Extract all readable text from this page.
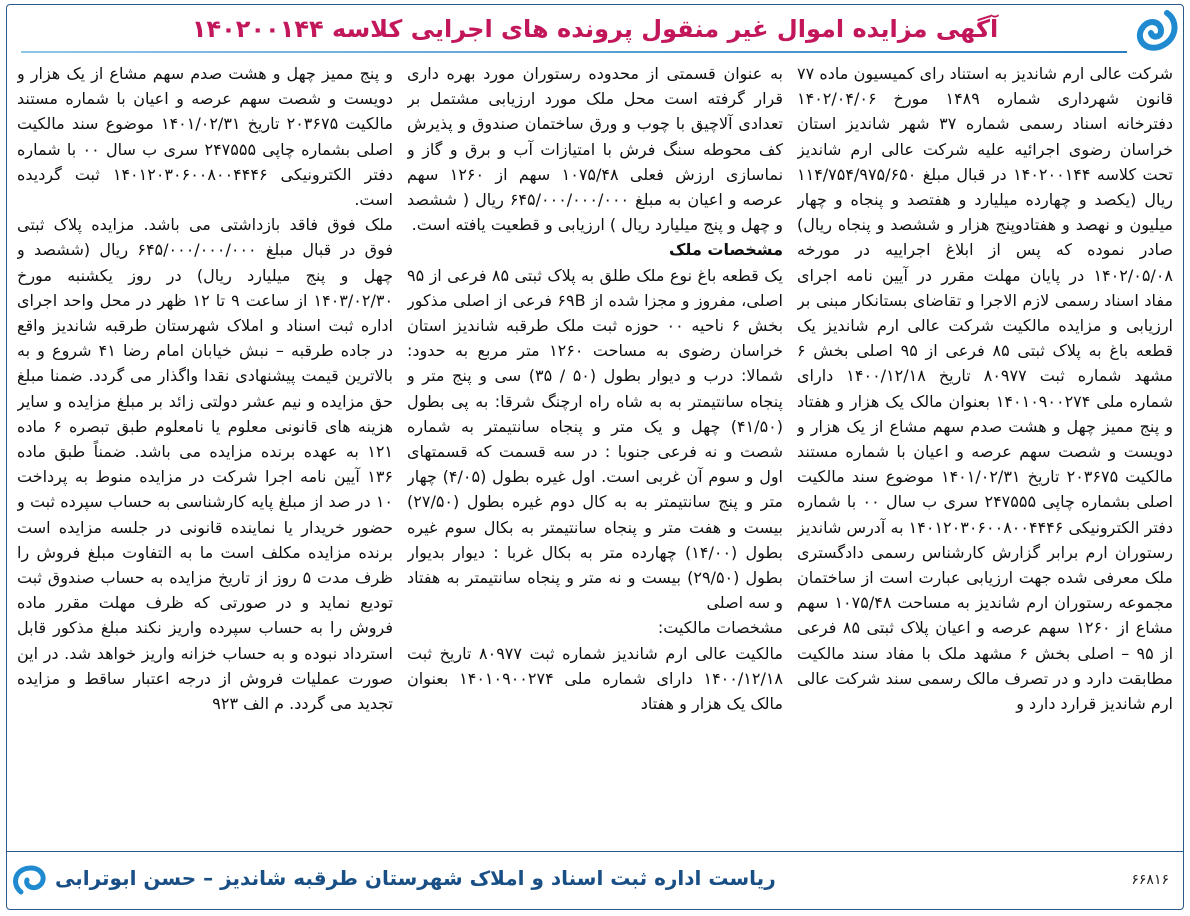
آگهی مزایده اموال غیر منقول پرونده های اجرایی کلاسه ۱۴۰۲۰۰۱۴۴

شرکت عالی ارم شاندیز به استناد رای کمیسیون ماده ۷۷ قانون شهرداری شماره ۱۴۸۹ مورخ ۱۴۰۲/۰۴/۰۶ دفترخانه اسناد رسمی شماره ۳۷ شهر شاندیز استان خراسان رضوی اجرائیه علیه شرکت عالی ارم شاندیز تحت کلاسه ۱۴۰۲۰۰۱۴۴ در قبال مبلغ ۱۱۴/۷۵۴/۹۷۵/۶۵۰ ریال (یکصد و چهارده میلیارد و هفتصد و پنجاه و چهار میلیون و نهصد و هفتادوپنج هزار و ششصد و پنجاه ریال) صادر نموده که پس از ابلاغ اجراییه در مورخه ۱۴۰۲/۰۵/۰۸ در پایان مهلت مقرر در آیین نامه اجرای مفاد اسناد رسمی لازم الاجرا و تقاضای بستانکار مبنی بر ارزیابی و مزایده مالکیت شرکت عالی ارم شاندیز یک قطعه باغ به پلاک ثبتی ۸۵ فرعی از ۹۵ اصلی بخش ۶ مشهد شماره ثبت ۸۰۹۷۷ تاریخ ۱۴۰۰/۱۲/۱۸ دارای شماره ملی ۱۴۰۱۰۹۰۰۲۷۴ بعنوان مالک یک هزار و هفتاد و پنج ممیز چهل و هشت صدم سهم مشاع از یک هزار و دویست و شصت سهم عرصه و اعیان با شماره مستند مالکیت ۲۰۳۶۷۵ تاریخ ۱۴۰۱/۰۲/۳۱ موضوع سند مالکیت اصلی بشماره چاپی ۲۴۷۵۵۵ سری ب سال ۰۰ با شماره دفتر الکترونیکی ۱۴۰۱۲۰۳۰۶۰۰۸۰۰۴۴۴۶ به آدرس شاندیز رستوران ارم برابر گزارش کارشناس رسمی دادگستری ملک معرفی شده جهت ارزیابی عبارت است از ساختمان مجموعه رستوران ارم شاندیز به مساحت ۱۰۷۵/۴۸ سهم مشاع از ۱۲۶۰ سهم عرصه و اعیان پلاک ثبتی ۸۵ فرعی از ۹۵ – اصلی بخش ۶ مشهد ملک با مفاد سند مالکیت مطابقت دارد و در تصرف مالک رسمی سند شرکت عالی ارم شاندیز قرارد دارد و

به عنوان قسمتی از محدوده رستوران مورد بهره داری قرار گرفته است محل ملک مورد ارزیابی مشتمل بر تعدادی آلاچیق با چوب و ورق ساختمان صندوق و پذیرش کف محوطه سنگ فرش با امتیازات آب و برق و گاز و نماسازی ارزش فعلی ۱۰۷۵/۴۸ سهم از ۱۲۶۰ سهم عرصه و اعیان به مبلغ ۶۴۵/۰۰۰/۰۰۰/۰۰۰ ریال ( ششصد و چهل و پنج میلیارد ریال ) ارزیابی و قطعیت یافته است.

مشخصات ملک

یک قطعه باغ نوع ملک طلق به پلاک ثبتی ۸۵ فرعی از ۹۵ اصلی، مفروز و مجزا شده از ۶۹B فرعی از اصلی مذکور بخش ۶ ناحیه ۰۰ حوزه ثبت ملک طرقبه شاندیز استان خراسان رضوی به مساحت ۱۲۶۰ متر مربع به حدود: شمالا: درب و دیوار بطول (۵۰ / ۳۵) سی و پنج متر و پنجاه سانتیمتر به به شاه راه ارچنگ شرقا: به پی بطول (۴۱/۵۰) چهل و یک متر و پنجاه سانتیمتر به شماره شصت و نه فرعی جنوبا : در سه قسمت که قسمتهای اول و سوم آن غربی است. اول غیره بطول (۴/۰۵) چهار متر و پنج سانتیمتر به به کال دوم غیره بطول (۲۷/۵۰) بیست و هفت متر و پنجاه سانتیمتر به بکال سوم غیره بطول (۱۴/۰۰) چهارده متر به بکال غربا : دیوار بدیوار بطول (۲۹/۵۰) بیست و نه متر و پنجاه سانتیمتر به هفتاد و سه اصلی

مشخصات مالکیت:

مالکیت عالی ارم شاندیز شماره ثبت ۸۰۹۷۷ تاریخ ثبت ۱۴۰۰/۱۲/۱۸ دارای شماره ملی ۱۴۰۱۰۹۰۰۲۷۴ بعنوان مالک یک هزار و هفتاد

و پنج ممیز چهل و هشت صدم سهم مشاع از یک هزار و دویست و شصت سهم عرصه و اعیان با شماره مستند مالکیت ۲۰۳۶۷۵ تاریخ ۱۴۰۱/۰۲/۳۱ موضوع سند مالکیت اصلی بشماره چاپی ۲۴۷۵۵۵ سری ب سال ۰۰ با شماره دفتر الکترونیکی ۱۴۰۱۲۰۳۰۶۰۰۸۰۰۴۴۴۶ ثبت گردیده است.

ملک فوق فاقد بازداشتی می باشد. مزایده پلاک ثبتی فوق در قبال مبلغ ۶۴۵/۰۰۰/۰۰۰/۰۰۰ ریال (ششصد و چهل و پنج میلیارد ریال) در روز یکشنبه مورخ ۱۴۰۳/۰۲/۳۰ از ساعت ۹ تا ۱۲ ظهر در محل واحد اجرای اداره ثبت اسناد و املاک شهرستان طرقبه شاندیز واقع در جاده طرقبه – نبش خیابان امام رضا ۴۱ شروع و به بالاترین قیمت پیشنهادی نقدا واگذار می گردد. ضمنا مبلغ حق مزایده و نیم عشر دولتی زائد بر مبلغ مزایده و سایر هزینه های قانونی معلوم یا نامعلوم طبق تبصره ۶ ماده ۱۲۱ به عهده برنده مزایده می باشد. ضمناً طبق ماده ۱۳۶ آیین نامه اجرا شرکت در مزایده منوط به پرداخت ۱۰ در صد از مبلغ پایه کارشناسی به حساب سپرده ثبت و حضور خریدار یا نماینده قانونی در جلسه مزایده است برنده مزایده مکلف است ما به التفاوت مبلغ فروش را ظرف مدت ۵ روز از تاریخ مزایده به حساب صندوق ثبت تودیع نماید و در صورتی که ظرف مهلت مقرر ماده فروش را به حساب سپرده واریز نکند مبلغ مذکور قابل استرداد نبوده و به حساب خزانه واریز خواهد شد. در این صورت عملیات فروش از درجه اعتبار ساقط و مزایده تجدید می گردد. م الف ۹۲۳

ریاست اداره ثبت اسناد و املاک شهرستان طرقبه شاندیز – حسن ابوترابی	۶۶۸۱۶
